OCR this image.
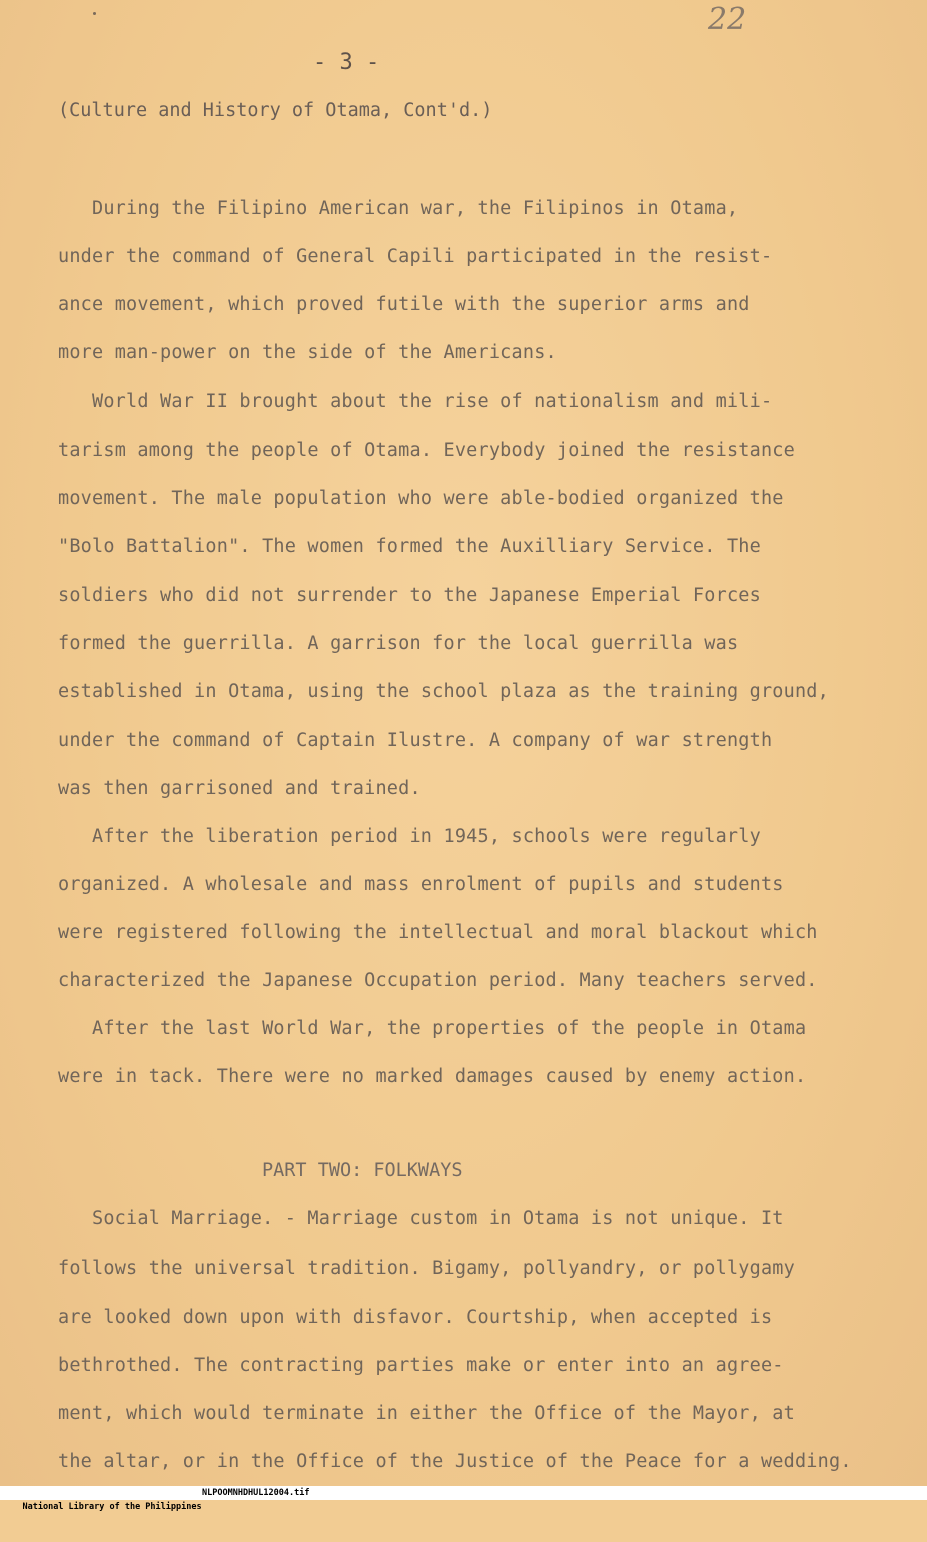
22
- 3 -
(Culture and History of Otama, Cont'd.)
During the Filipino American war, the Filipinos in Otama,
under the command of General Capili participated in the resist-
ance movement, which proved futile with the superior arms and
more man-power on the side of the Americans.
World War II brought about the rise of nationalism and mili-
tarism among the people of Otama. Everybody joined the resistance
movement. The male population who were able-bodied organized the
"Bolo Battalion". The women formed the Auxilliary Service. The
soldiers who did not surrender to the Japanese Emperial Forces
formed the guerrilla. A garrison for the local guerrilla was
established in Otama, using the school plaza as the training ground,
under the command of Captain Ilustre. A company of war strength
was then garrisoned and trained.
After the liberation period in 1945, schools were regularly
organized. A wholesale and mass enrolment of pupils and students
were registered following the intellectual and moral blackout which
characterized the Japanese Occupation period. Many teachers served.
After the last World War, the properties of the people in Otama
were in tack. There were no marked damages caused by enemy action.
PART TWO: FOLKWAYS
Social Marriage. - Marriage custom in Otama is not unique. It
follows the universal tradition. Bigamy, pollyandry, or pollygamy
are looked down upon with disfavor. Courtship, when accepted is
bethrothed. The contracting parties make or enter into an agree-
ment, which would terminate in either the Office of the Mayor, at
the altar, or in the Office of the Justice of the Peace for a wedding.

National Library of the Philippines

NLPOOMNHDHUL12004.tif
